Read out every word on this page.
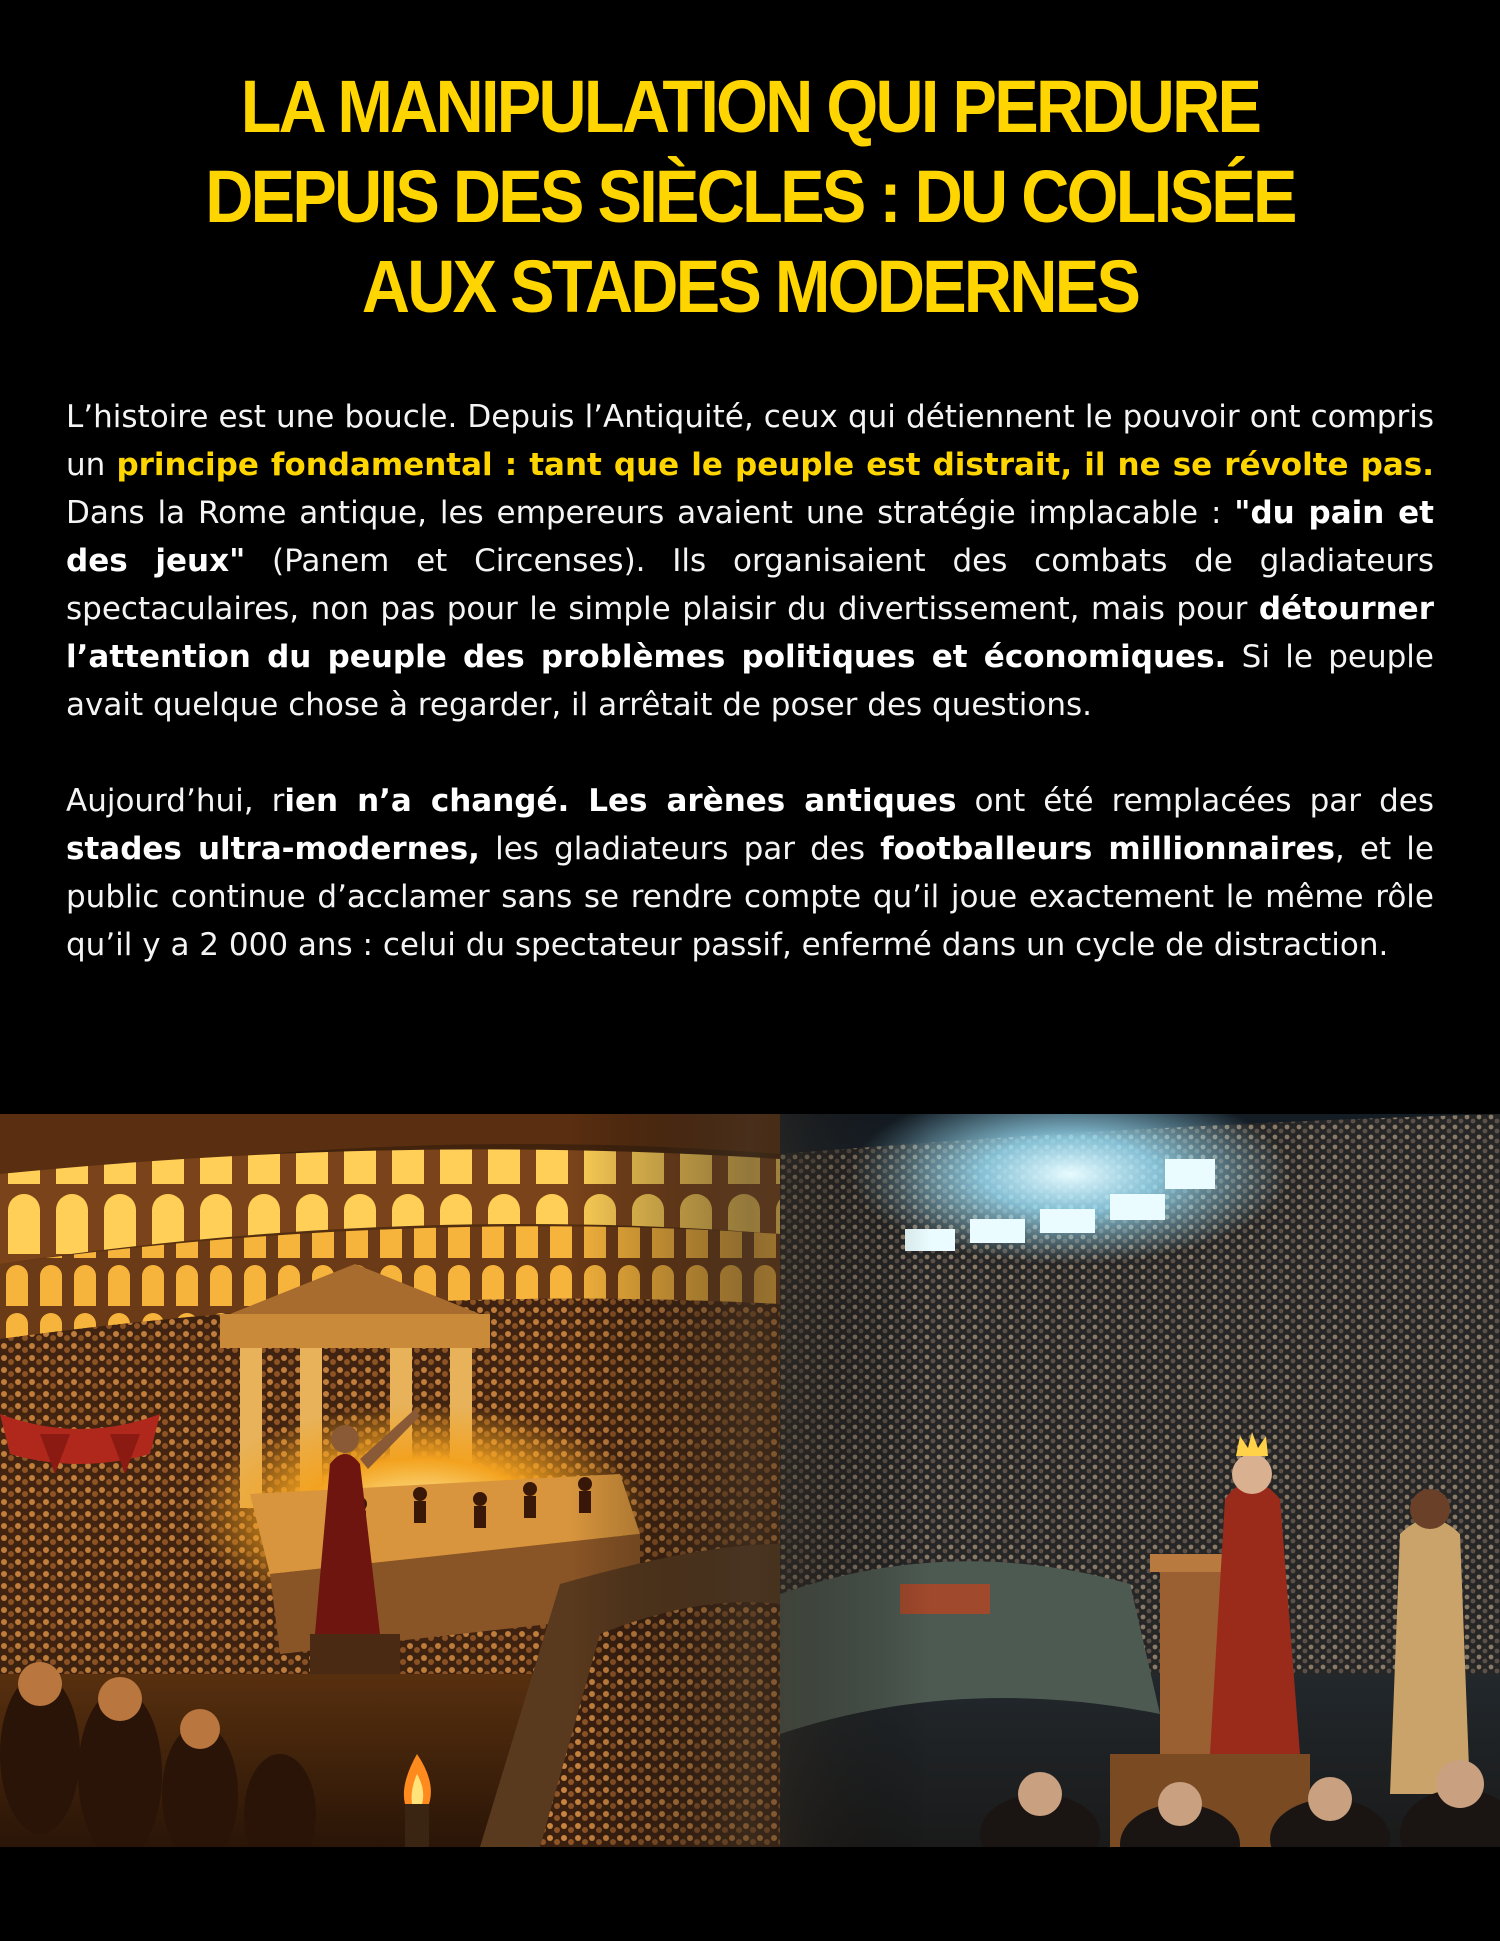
LA MANIPULATION QUI PERDURE
DEPUIS DES SIÈCLES : DU COLISÉE
AUX STADES MODERNES

L’histoire est une boucle. Depuis l’Antiquité, ceux qui détiennent le pouvoir ont compris un principe fondamental : tant que le peuple est distrait, il ne se révolte pas. Dans la Rome antique, les empereurs avaient une stratégie implacable : "du pain et des jeux" (Panem et Circenses). Ils organisaient des combats de gladiateurs spectaculaires, non pas pour le simple plaisir du divertissement, mais pour détourner l’attention du peuple des problèmes politiques et économiques. Si le peuple avait quelque chose à regarder, il arrêtait de poser des questions.

Aujourd’hui, rien n’a changé. Les arènes antiques ont été remplacées par des stades ultra-modernes, les gladiateurs par des footballeurs millionnaires, et le public continue d’acclamer sans se rendre compte qu’il joue exactement le même rôle qu’il y a 2 000 ans : celui du spectateur passif, enfermé dans un cycle de distraction.
